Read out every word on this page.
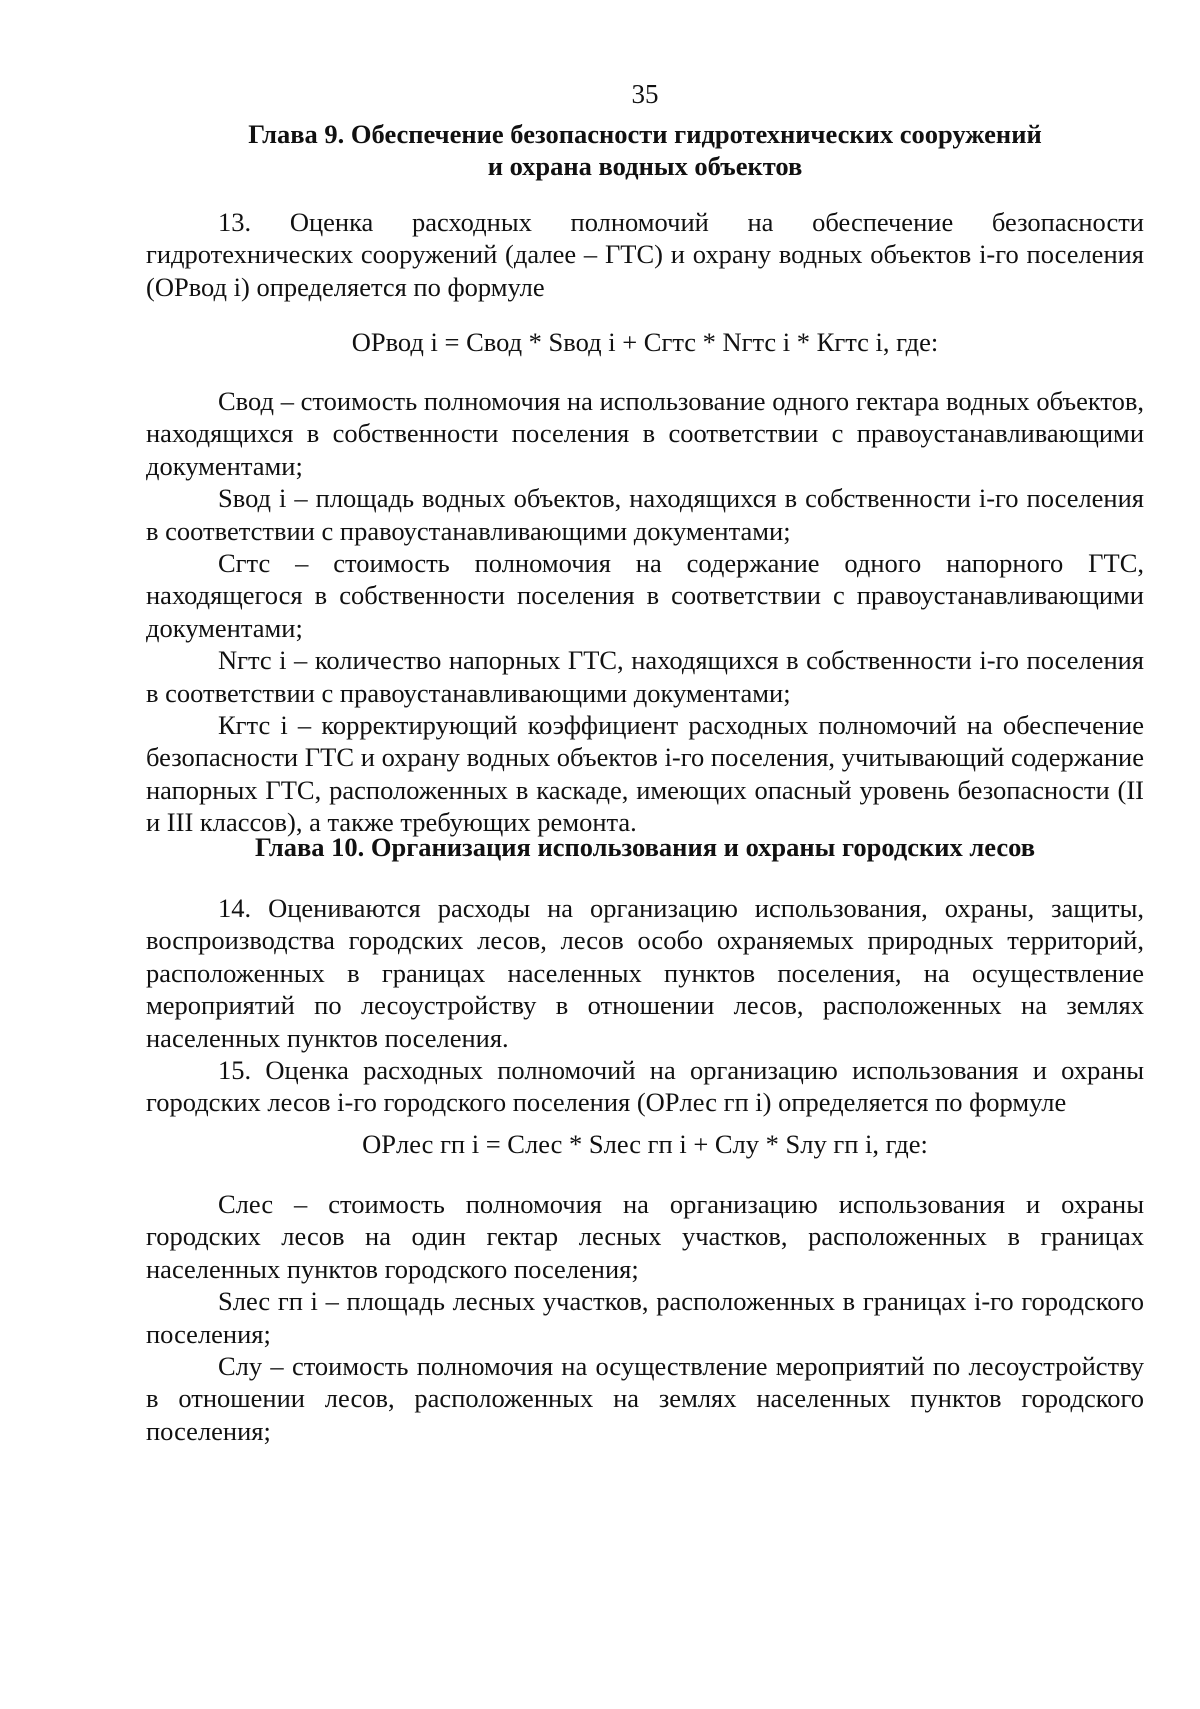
35
Глава 9. Обеспечение безопасности гидротехнических сооружений
и охрана водных объектов

13. Оценка расходных полномочий на обеспечение безопасности гидротехнических сооружений (далее – ГТС) и охрану водных объектов i-го поселения (ОРвод i) определяется по формуле

ОРвод i = Свод * Sвод i + Сгтс * Nгтс i * Кгтс i, где:

Свод – стоимость полномочия на использование одного гектара водных объектов, находящихся в собственности поселения в соответствии с правоустанавливающими документами;

Sвод i – площадь водных объектов, находящихся в собственности i-го поселения в соответствии с правоустанавливающими документами;

Сгтс – стоимость полномочия на содержание одного напорного ГТС, находящегося в собственности поселения в соответствии с правоустанавливающими документами;

Nгтс i – количество напорных ГТС, находящихся в собственности i-го поселения в соответствии с правоустанавливающими документами;

Кгтс i – корректирующий коэффициент расходных полномочий на обеспечение безопасности ГТС и охрану водных объектов i-го поселения, учитывающий содержание напорных ГТС, расположенных в каскаде, имеющих опасный уровень безопасности (II и III классов), а также требующих ремонта.

Глава 10. Организация использования и охраны городских лесов

14. Оцениваются расходы на организацию использования, охраны, защиты, воспроизводства городских лесов, лесов особо охраняемых природных территорий, расположенных в границах населенных пунктов поселения, на осуществление мероприятий по лесоустройству в отношении лесов, расположенных на землях населенных пунктов поселения.

15. Оценка расходных полномочий на организацию использования и охраны городских лесов i-го городского поселения (ОРлес гп i) определяется по формуле

ОРлес гп i = Слес * Sлес гп i + Слу * Sлу гп i, где:

Слес – стоимость полномочия на организацию использования и охраны городских лесов на один гектар лесных участков, расположенных в границах населенных пунктов городского поселения;

Sлес гп i – площадь лесных участков, расположенных в границах i-го городского поселения;

Слу – стоимость полномочия на осуществление мероприятий по лесоустройству в отношении лесов, расположенных на землях населенных пунктов городского поселения;
